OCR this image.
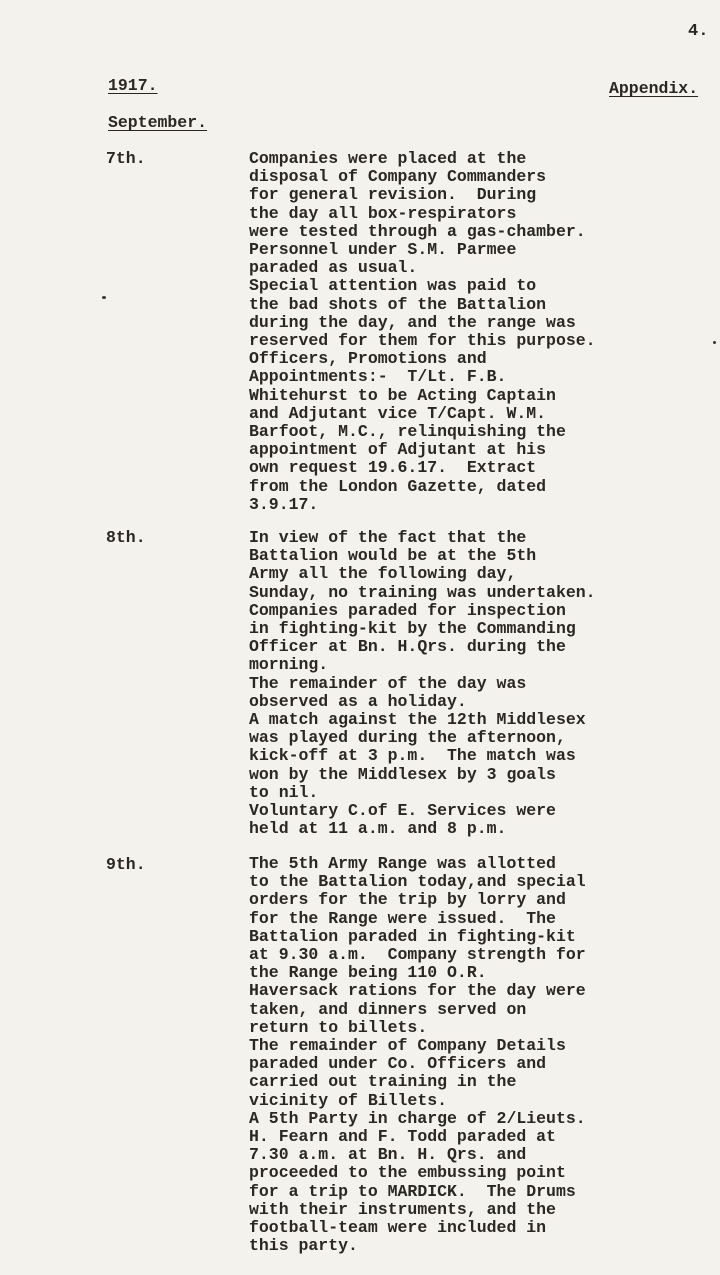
4.
1917.	Appendix.
September.
7th.	Companies were placed at the
disposal of Company Commanders
for general revision.  During
the day all box-respirators
were tested through a gas-chamber.
Personnel under S.M. Parmee
paraded as usual.
Special attention was paid to
the bad shots of the Battalion
during the day, and the range was
reserved for them for this purpose.
Officers, Promotions and
Appointments:-  T/Lt. F.B.
Whitehurst to be Acting Captain
and Adjutant vice T/Capt. W.M.
Barfoot, M.C., relinquishing the
appointment of Adjutant at his
own request 19.6.17.  Extract
from the London Gazette, dated
3.9.17.
8th.	In view of the fact that the
Battalion would be at the 5th
Army all the following day,
Sunday, no training was undertaken.
Companies paraded for inspection
in fighting-kit by the Commanding
Officer at Bn. H.Qrs. during the
morning.
The remainder of the day was
observed as a holiday.
A match against the 12th Middlesex
was played during the afternoon,
kick-off at 3 p.m.  The match was
won by the Middlesex by 3 goals
to nil.
Voluntary C.of E. Services were
held at 11 a.m. and 8 p.m.
9th.	The 5th Army Range was allotted
to the Battalion today,and special
orders for the trip by lorry and
for the Range were issued.  The
Battalion paraded in fighting-kit
at 9.30 a.m.  Company strength for
the Range being 110 O.R.
Haversack rations for the day were
taken, and dinners served on
return to billets.
The remainder of Company Details
paraded under Co. Officers and
carried out training in the
vicinity of Billets.
A 5th Party in charge of 2/Lieuts.
H. Fearn and F. Todd paraded at
7.30 a.m. at Bn. H. Qrs. and
proceeded to the embussing point
for a trip to MARDICK.  The Drums
with their instruments, and the
football-team were included in
this party.
